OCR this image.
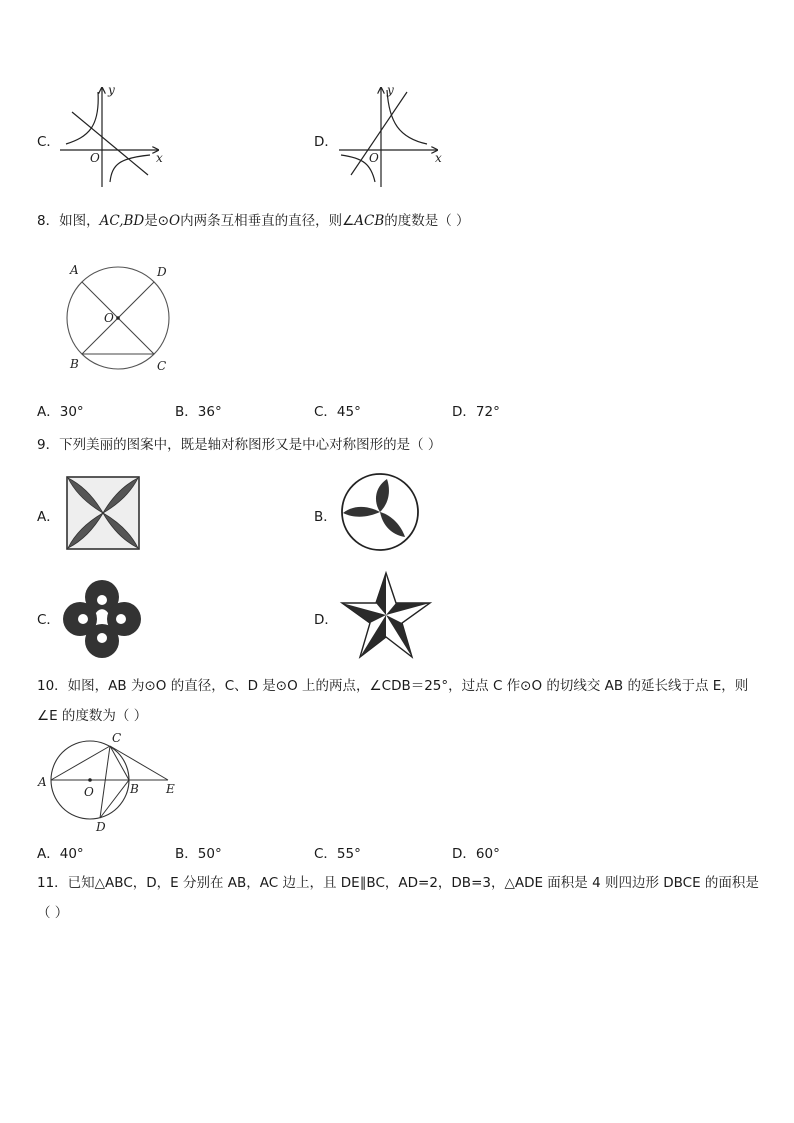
C．
y
x
O
D．
y
x
O
8．如图，AC,BD是⊙O内两条互相垂直的直径，则∠ACB的度数是（ ）
A	D
O
B	C
A．30°	B．36°	C．45°	D．72°
9．下列美丽的图案中，既是轴对称图形又是中心对称图形的是（ ）
A．	B．
C．	D．
10．如图，AB 为⊙O 的直径，C、D 是⊙O 上的两点，∠CDB＝25°，过点 C 作⊙O 的切线交 AB 的延长线于点 E，则
∠E 的度数为（ ）
A
C
O	B E
D
A．40°	B．50°	C．55°	D．60°
11．已知△ABC，D，E 分别在 AB，AC 边上，且 DE∥BC，AD=2，DB=3，△ADE 面积是 4 则四边形 DBCE 的面积是
（ ）
